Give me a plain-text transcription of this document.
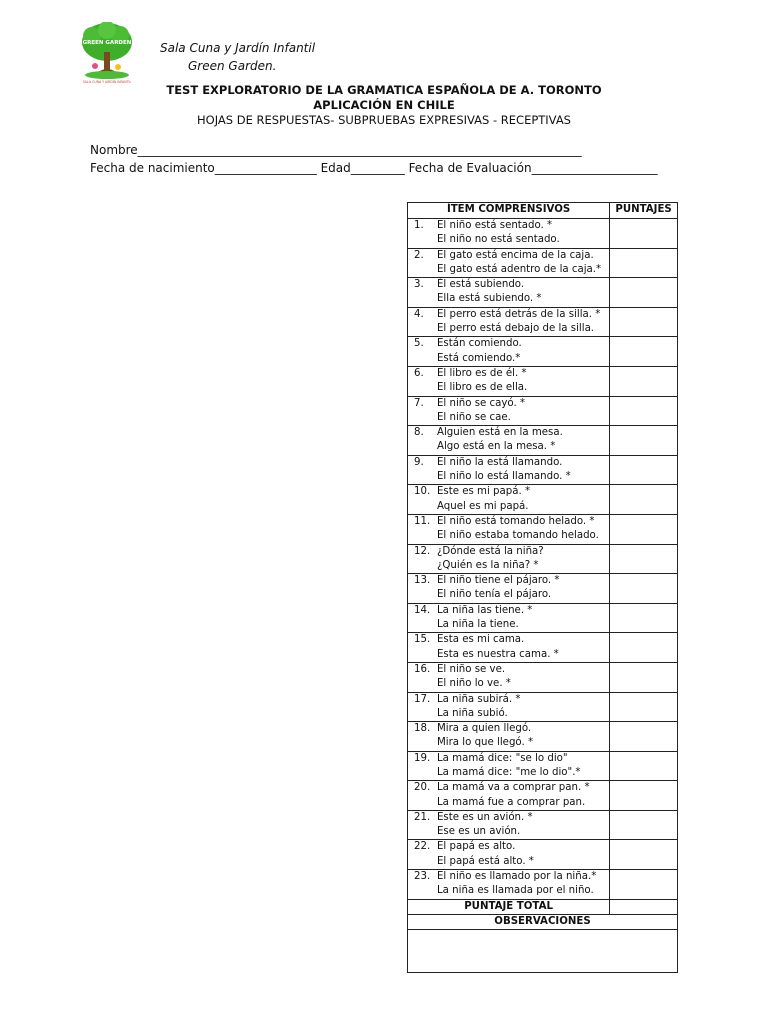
GREEN GARDEN
SALA CUNA Y JARDÍN INFANTIL
Sala Cuna y Jardín Infantil
Green Garden.
TEST EXPLORATORIO DE LA GRAMATICA ESPAÑOLA DE A. TORONTO
APLICACIÓN EN CHILE
HOJAS DE RESPUESTAS- SUBPRUEBAS EXPRESIVAS - RECEPTIVAS
Nombre__________________________________________________________________________
Fecha de nacimiento_________________ Edad_________ Fecha de Evaluación_____________________
ÍTEM COMPRENSIVOS	PUNTAJES

1. El niño está sentado. *
El niño no está sentado.	

2. El gato está encima de la caja.
El gato está adentro de la caja.*	

3. Él está subiendo.
Ella está subiendo. *	

4. El perro está detrás de la silla. *
El perro está debajo de la silla.	

5. Están comiendo.
Está comiendo.*	

6. El libro es de él. *
El libro es de ella.	

7. El niño se cayó. *
El niño se cae.	

8. Alguien está en la mesa.
Algo está en la mesa. *	

9. El niño la está llamando.
El niño lo está llamando. *	

10. Este es mi papá. *
Aquel es mi papá.	

11. El niño está tomando helado. *
El niño estaba tomando helado.	

12. ¿Dónde está la niña?
¿Quién es la niña? *	

13. El niño tiene el pájaro. *
El niño tenía el pájaro.	

14. La niña las tiene. *
La niña la tiene.	

15. Esta es mi cama.
Esta es nuestra cama. *	

16. El niño se ve.
El niño lo ve. *	

17. La niña subirá. *
La niña subió.	

18. Mira a quien llegó.
Mira lo que llegó. *	

19. La mamá dice: "se lo dio"
La mamá dice: "me lo dio".*	

20. La mamá va a comprar pan. *
La mamá fue a comprar pan.	

21. Este es un avión. *
Ese es un avión.	

22. El papá es alto.
El papá está alto. *	

23. El niño es llamado por la niña.*
La niña es llamada por el niño.	

PUNTAJE TOTAL	
OBSERVACIONES	
